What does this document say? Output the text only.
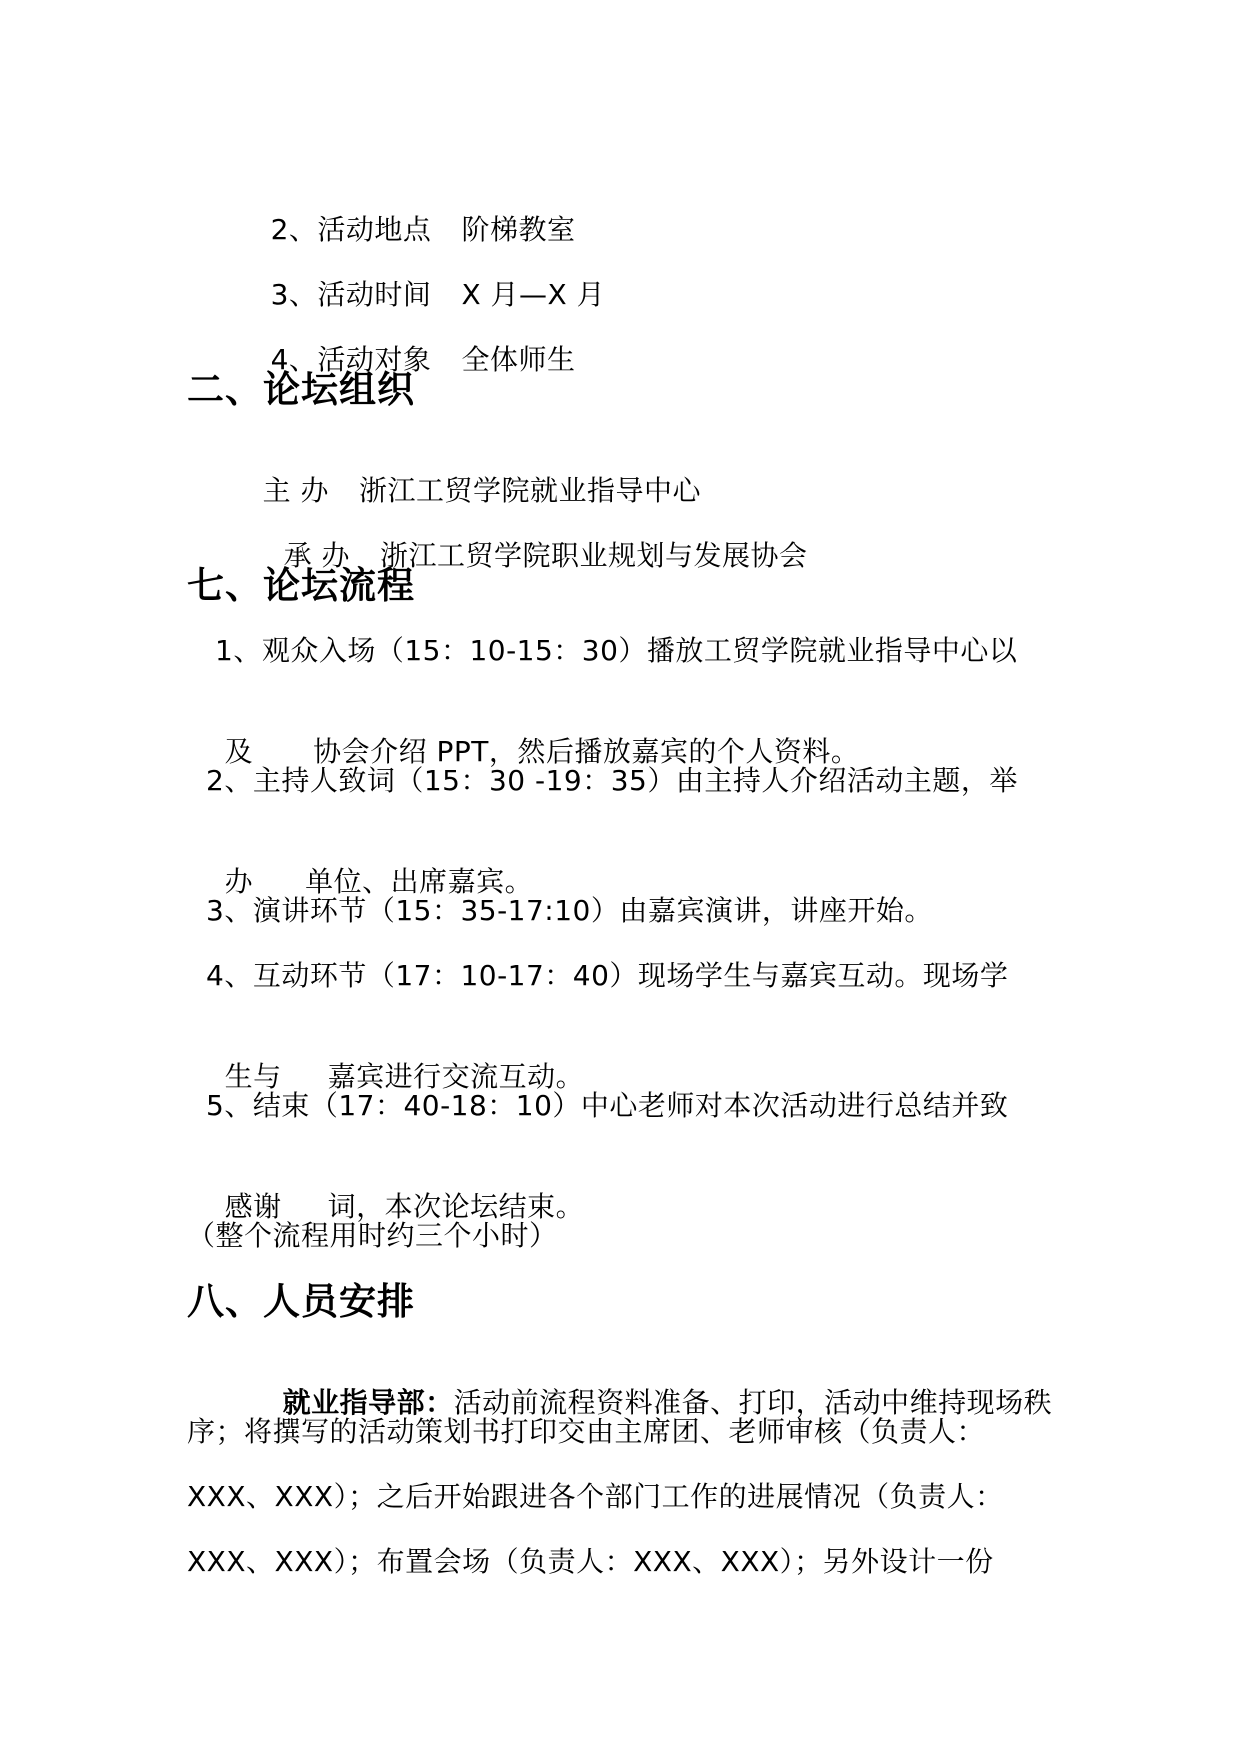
2、活动地点 阶梯教室

3、活动时间 X 月—X 月

4、活动对象 全体师生

二、论坛组织

主 办 浙江工贸学院就业指导中心

承 办 浙江工贸学院职业规划与发展协会

七、论坛流程
1、观众入场（15：10-15：30）播放工贸学院就业指导中心以

及 协会介绍 PPT，然后播放嘉宾的个人资料。

2、主持人致词（15：30 -19：35）由主持人介绍活动主题，举

办 单位、出席嘉宾。

3、演讲环节（15：35-17:10）由嘉宾演讲，讲座开始。
4、互动环节（17：10-17：40）现场学生与嘉宾互动。现场学

生与 嘉宾进行交流互动。

5、结束（17：40-18：10）中心老师对本次活动进行总结并致

感谢 词，本次论坛结束。

（整个流程用时约三个小时）
八、人员安排

就业指导部：活动前流程资料准备、打印，活动中维持现场秩

序；将撰写的活动策划书打印交由主席团、老师审核（负责人：
XXX、XXX）；之后开始跟进各个部门工作的进展情况（负责人：
XXX、XXX）；布置会场（负责人：XXX、XXX）；另外设计一份
